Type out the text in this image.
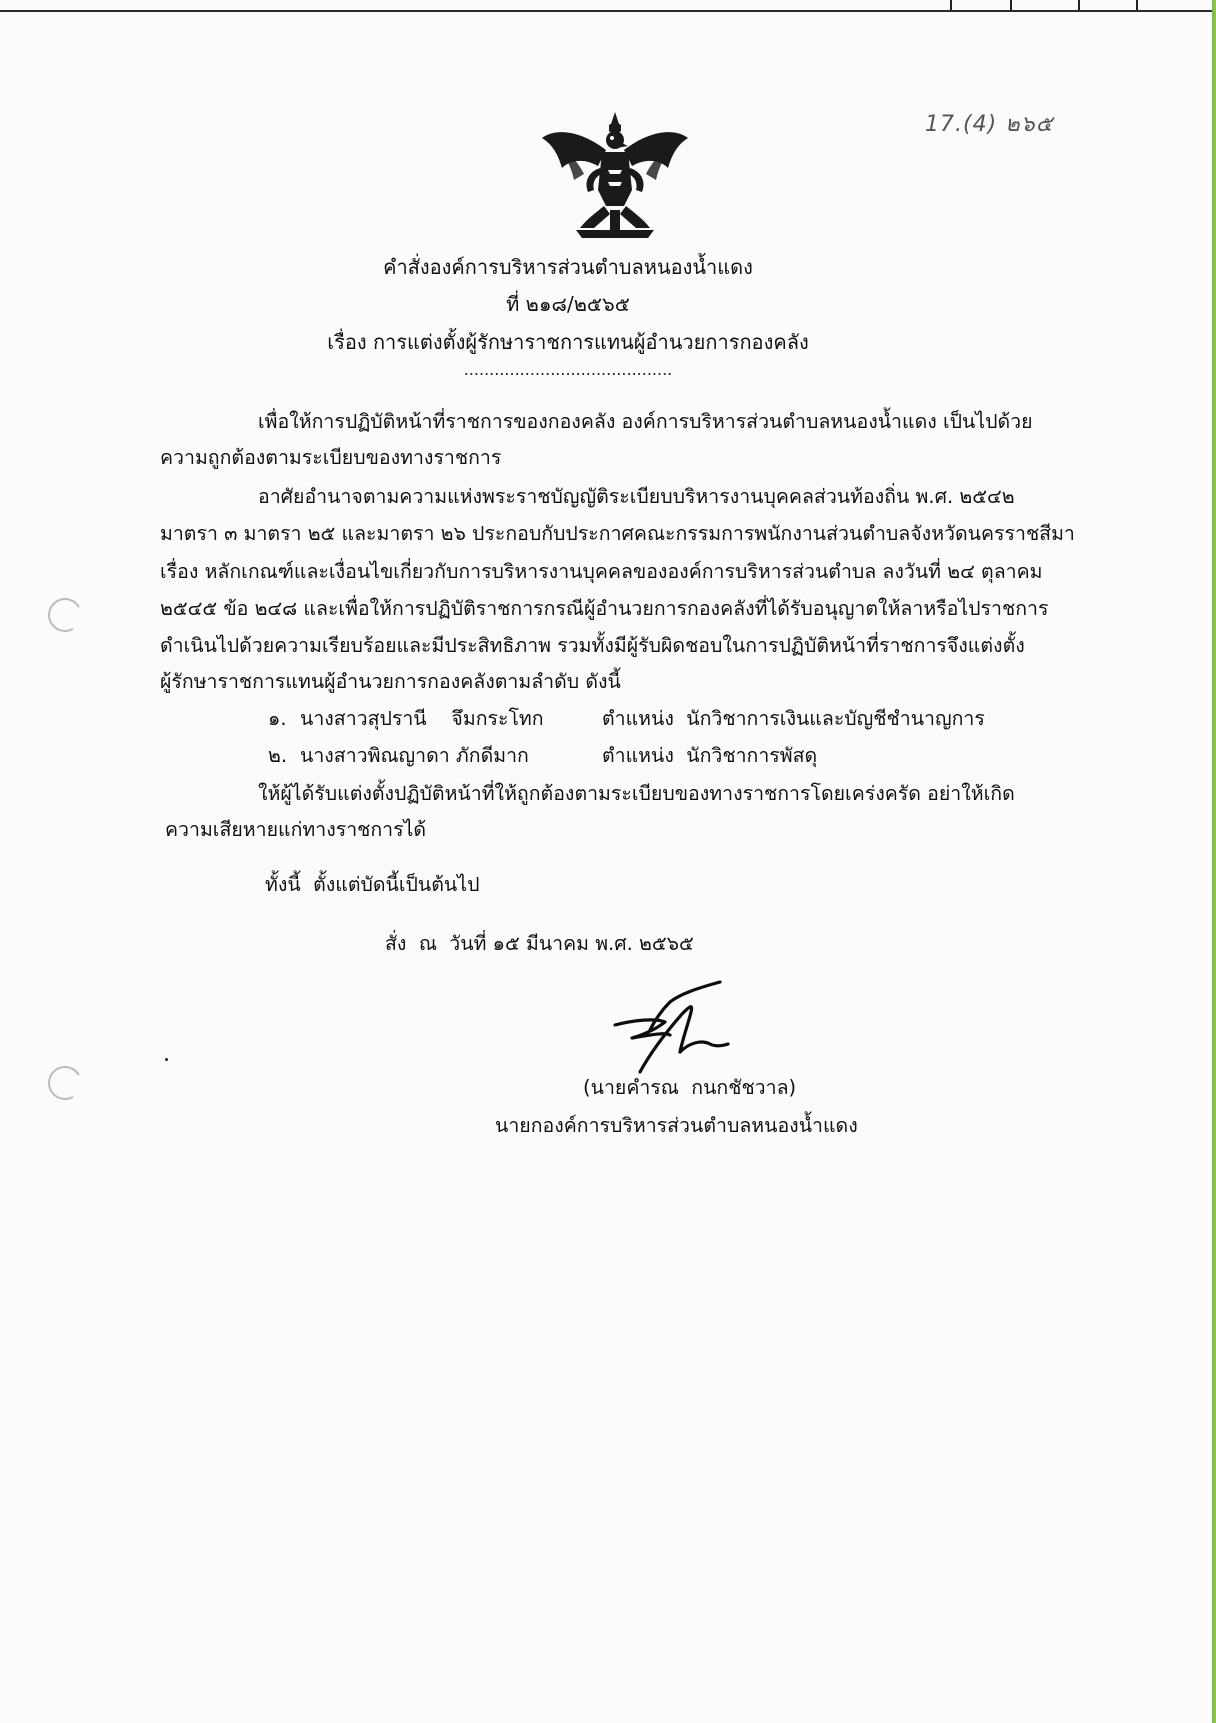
17.(4) ๒๖๕
คำสั่งองค์การบริหารส่วนตำบลหนองน้ำแดง
ที่ ๒๑๘/๒๕๖๕
เรื่อง การแต่งตั้งผู้รักษาราชการแทนผู้อำนวยการกองคลัง
.........................................
เพื่อให้การปฏิบัติหน้าที่ราชการของกองคลัง องค์การบริหารส่วนตำบลหนองน้ำแดง เป็นไปด้วย
ความถูกต้องตามระเบียบของทางราชการ
อาศัยอำนาจตามความแห่งพระราชบัญญัติระเบียบบริหารงานบุคคลส่วนท้องถิ่น พ.ศ. ๒๕๔๒
มาตรา ๓ มาตรา ๒๕ และมาตรา ๒๖ ประกอบกับประกาศคณะกรรมการพนักงานส่วนตำบลจังหวัดนครราชสีมา
เรื่อง หลักเกณฑ์และเงื่อนไขเกี่ยวกับการบริหารงานบุคคลขององค์การบริหารส่วนตำบล ลงวันที่ ๒๔ ตุลาคม
๒๕๔๕ ข้อ ๒๔๘ และเพื่อให้การปฏิบัติราชการกรณีผู้อำนวยการกองคลังที่ได้รับอนุญาตให้ลาหรือไปราชการ
ดำเนินไปด้วยความเรียบร้อยและมีประสิทธิภาพ รวมทั้งมีผู้รับผิดชอบในการปฏิบัติหน้าที่ราชการจึงแต่งตั้ง
ผู้รักษาราชการแทนผู้อำนวยการกองคลังตามลำดับ ดังนี้
๑. นางสาวสุปรานี    จึมกระโทก	ตำแหน่ง  นักวิชาการเงินและบัญชีชำนาญการ
๒. นางสาวพิณญาดา ภักดีมาก	ตำแหน่ง  นักวิชาการพัสดุ
ให้ผู้ได้รับแต่งตั้งปฏิบัติหน้าที่ให้ถูกต้องตามระเบียบของทางราชการโดยเคร่งครัด อย่าให้เกิด
ความเสียหายแก่ทางราชการได้
ทั้งนี้  ตั้งแต่บัดนี้เป็นต้นไป
สั่ง  ณ  วันที่ ๑๕ มีนาคม พ.ศ. ๒๕๖๕
(นายคำรณ  กนกชัชวาล)
นายกองค์การบริหารส่วนตำบลหนองน้ำแดง
